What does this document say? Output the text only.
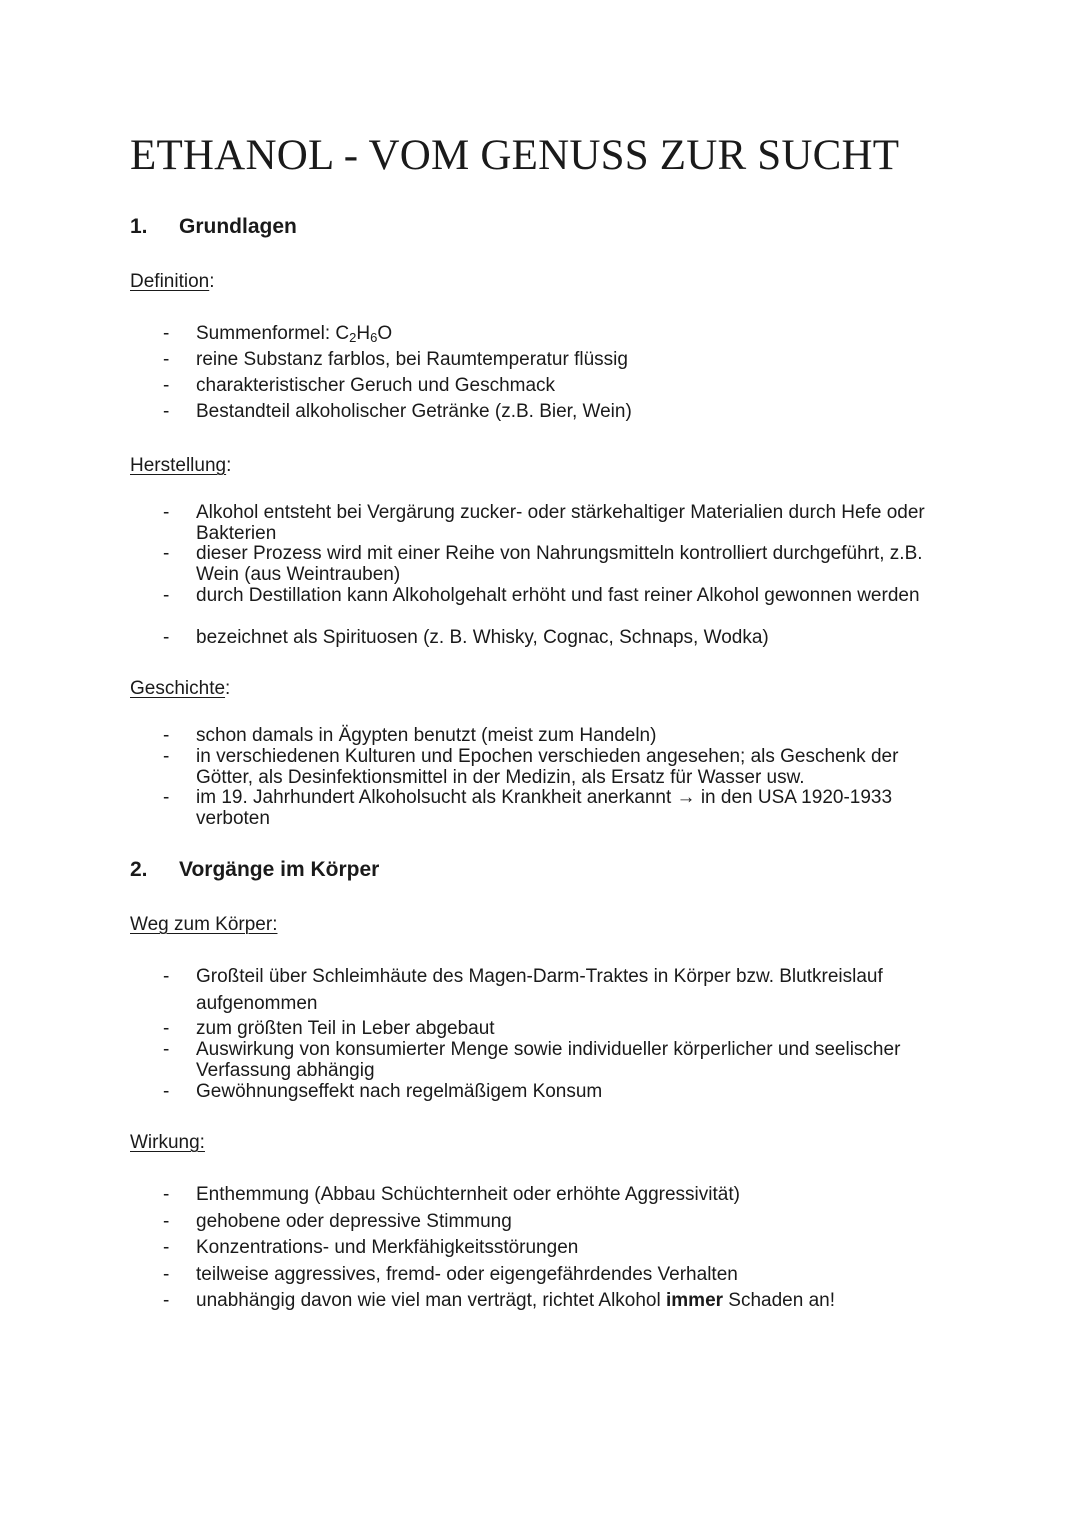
ETHANOL - VOM GENUSS ZUR SUCHT
1. Grundlagen
Definition:
- Summenformel: $C_2H_6O$
- reine Substanz farblos, bei Raumtemperatur flüssig
- charakteristischer Geruch und Geschmack
- Bestandteil alkoholischer Getränke (z.B. Bier, Wein)
Herstellung:
- Alkohol entsteht bei Vergärung zucker- oder stärkehaltiger Materialien durch Hefe oder Bakterien
- dieser Prozess wird mit einer Reihe von Nahrungsmitteln kontrolliert durchgeführt, z.B. Wein (aus Weintrauben)
- durch Destillation kann Alkoholgehalt erhöht und fast reiner Alkohol gewonnen werden
- bezeichnet als Spirituosen (z. B. Whisky, Cognac, Schnaps, Wodka)
Geschichte:
- schon damals in Ägypten benutzt (meist zum Handeln)
- in verschiedenen Kulturen und Epochen verschieden angesehen; als Geschenk der Götter, als Desinfektionsmittel in der Medizin, als Ersatz für Wasser usw.
- im 19. Jahrhundert Alkoholsucht als Krankheit anerkannt → in den USA 1920-1933 verboten
2. Vorgänge im Körper
Weg zum Körper:
- Großteil über Schleimhäute des Magen-Darm-Traktes in Körper bzw. Blutkreislauf aufgenommen
- zum größten Teil in Leber abgebaut
- Auswirkung von konsumierter Menge sowie individueller körperlicher und seelischer Verfassung abhängig
- Gewöhnungseffekt nach regelmäßigem Konsum
Wirkung:
- Enthemmung (Abbau Schüchternheit oder erhöhte Aggressivität)
- gehobene oder depressive Stimmung
- Konzentrations- und Merkfähigkeitsstörungen
- teilweise aggressives, fremd- oder eigengefährdendes Verhalten
- unabhängig davon wie viel man verträgt, richtet Alkohol immer Schaden an!
